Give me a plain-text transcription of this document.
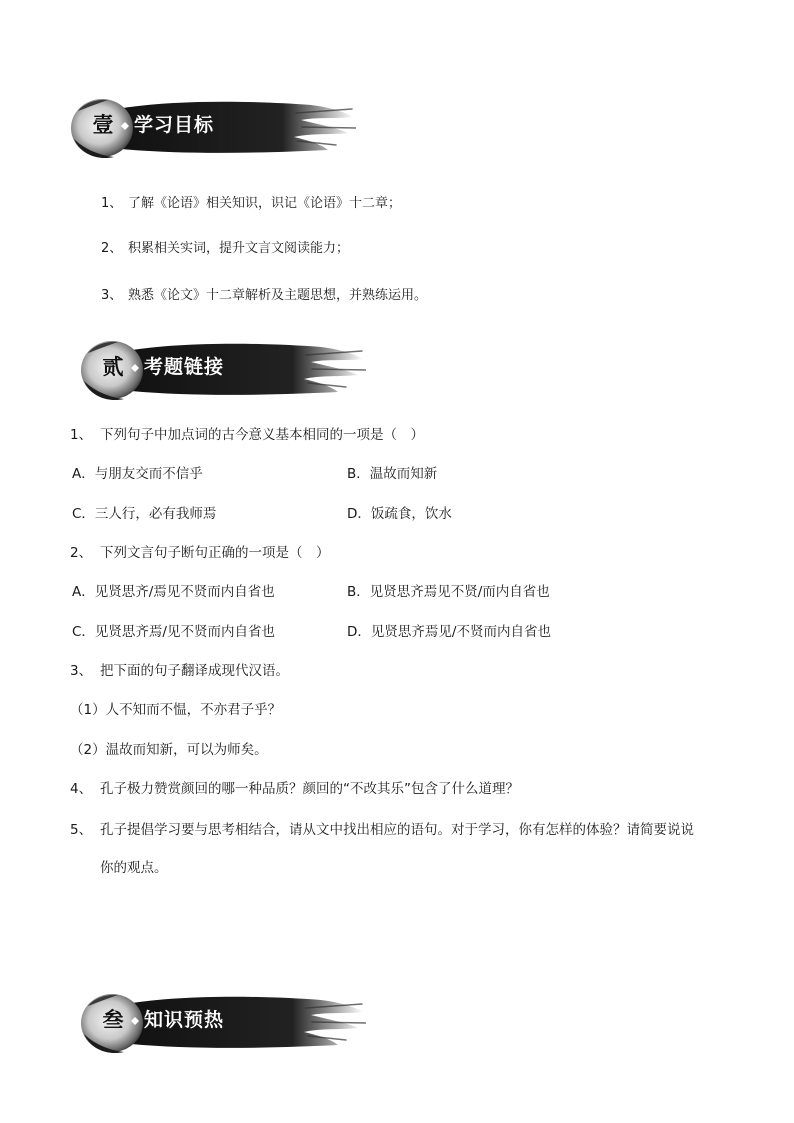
壹	学习目标
1、 了解《论语》相关知识，识记《论语》十二章；
2、 积累相关实词，提升文言文阅读能力；
3、 熟悉《论文》十二章解析及主题思想，并熟练运用。
贰	考题链接
1、 下列句子中加点词的古今意义基本相同的一项是（　）
A．与朋友交而不信乎	B．温故而知新
C．三人行，必有我师焉	D．饭疏食，饮水
2、 下列文言句子断句正确的一项是（　）
A．见贤思齐/焉见不贤而内自省也	B．见贤思齐焉见不贤/而内自省也
C．见贤思齐焉/见不贤而内自省也	D．见贤思齐焉见/不贤而内自省也
3、 把下面的句子翻译成现代汉语。
（1）人不知而不愠，不亦君子乎？
（2）温故而知新，可以为师矣。
4、 孔子极力赞赏颜回的哪一种品质？颜回的“不改其乐”包含了什么道理？
5、 孔子提倡学习要与思考相结合，请从文中找出相应的语句。对于学习，你有怎样的体验？请简要说说
你的观点。
叁	知识预热
